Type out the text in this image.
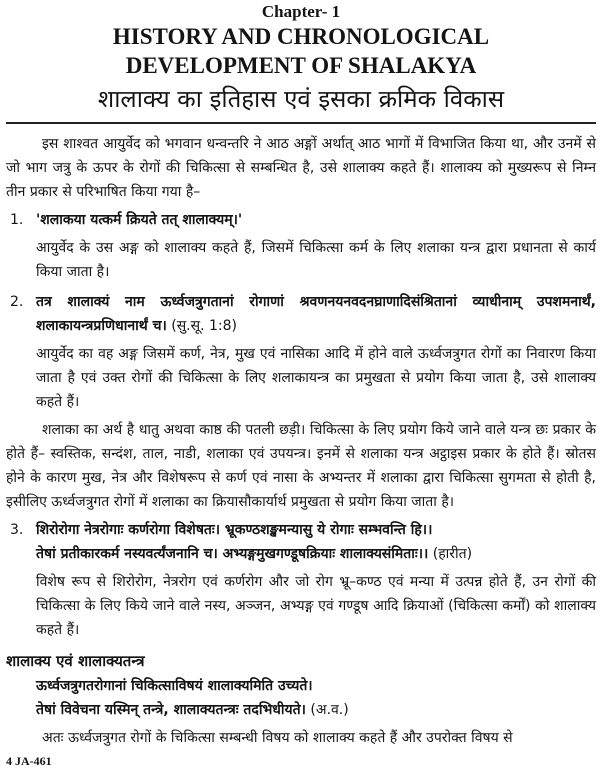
Chapter- 1
HISTORY AND CHRONOLOGICAL
DEVELOPMENT OF SHALAKYA
शालाक्य का इतिहास एवं इसका क्रमिक विकास

इस शाश्वत आयुर्वेद को भगवान धन्वन्तरि ने आठ अङ्गों अर्थात् आठ भागों में विभाजित किया था, और उनमें से जो भाग जत्रु के ऊपर के रोगों की चिकित्सा से सम्बन्धित है, उसे शालाक्य कहते हैं। शालाक्य को मुख्यरूप से निम्न तीन प्रकार से परिभाषित किया गया है–

1. 'शलाकया यत्कर्म क्रियते तत् शालाक्यम्।'

आयुर्वेद के उस अङ्ग को शालाक्य कहते हैं, जिसमें चिकित्सा कर्म के लिए शलाका यन्त्र द्वारा प्रधानता से कार्य किया जाता है।

2. तत्र शालाक्यं नाम ऊर्ध्वजत्रुगतानां रोगाणां श्रवणनयनवदनघ्राणादिसंश्रितानां व्याधीनाम् उपशमनार्थं, शलाकायन्त्रप्रणिधानार्थं च। (सु.सू. 1:8)

आयुर्वेद का वह अङ्ग जिसमें कर्ण, नेत्र, मुख एवं नासिका आदि में होने वाले ऊर्ध्वजत्रुगत रोगों का निवारण किया जाता है एवं उक्त रोगों की चिकित्सा के लिए शलाकायन्त्र का प्रमुखता से प्रयोग किया जाता है, उसे शालाक्य कहते हैं।

शलाका का अर्थ है धातु अथवा काष्ठ की पतली छड़ी। चिकित्सा के लिए प्रयोग किये जाने वाले यन्त्र छः प्रकार के होते हैं– स्वस्तिक, सन्दंश, ताल, नाडी, शलाका एवं उपयन्त्र। इनमें से शलाका यन्त्र अट्ठाइस प्रकार के होते हैं। स्रोतस होने के कारण मुख, नेत्र और विशेषरूप से कर्ण एवं नासा के अभ्यन्तर में शलाका द्वारा चिकित्सा सुगमता से होती है, इसीलिए ऊर्ध्वजत्रुगत रोगों में शलाका का क्रियासौकार्यार्थ प्रमुखता से प्रयोग किया जाता है।

3. शिरोरोगा नेत्ररोगाः कर्णरोगा विशेषतः। भ्रूकण्ठशङ्खमन्यासु ये रोगाः सम्भवन्ति हि।।

तेषां प्रतीकारकर्म नस्यवर्त्यंजनानि च। अभ्यङ्गमुखगण्डूषक्रियाः शालाक्यसंमिताः।। (हारीत)

विशेष रूप से शिरोरोग, नेत्ररोग एवं कर्णरोग और जो रोग भ्रू–कण्ठ एवं मन्या में उत्पन्न होते हैं, उन रोगों की चिकित्सा के लिए किये जाने वाले नस्य, अञ्जन, अभ्यङ्ग एवं गण्डूष आदि क्रियाओं (चिकित्सा कर्मों) को शालाक्य कहते हैं।

शालाक्य एवं शालाक्यतन्त्र

ऊर्ध्वजत्रुगतरोगानां चिकित्साविषयं शालाक्यमिति उच्यते।

तेषां विवेचना यस्मिन् तन्त्रे, शालाक्यतन्त्रः तदभिधीयते। (अ.व.)

अतः ऊर्ध्वजत्रुगत रोगों के चिकित्सा सम्बन्धी विषय को शालाक्य कहते हैं और उपरोक्त विषय से

4 JA-461
